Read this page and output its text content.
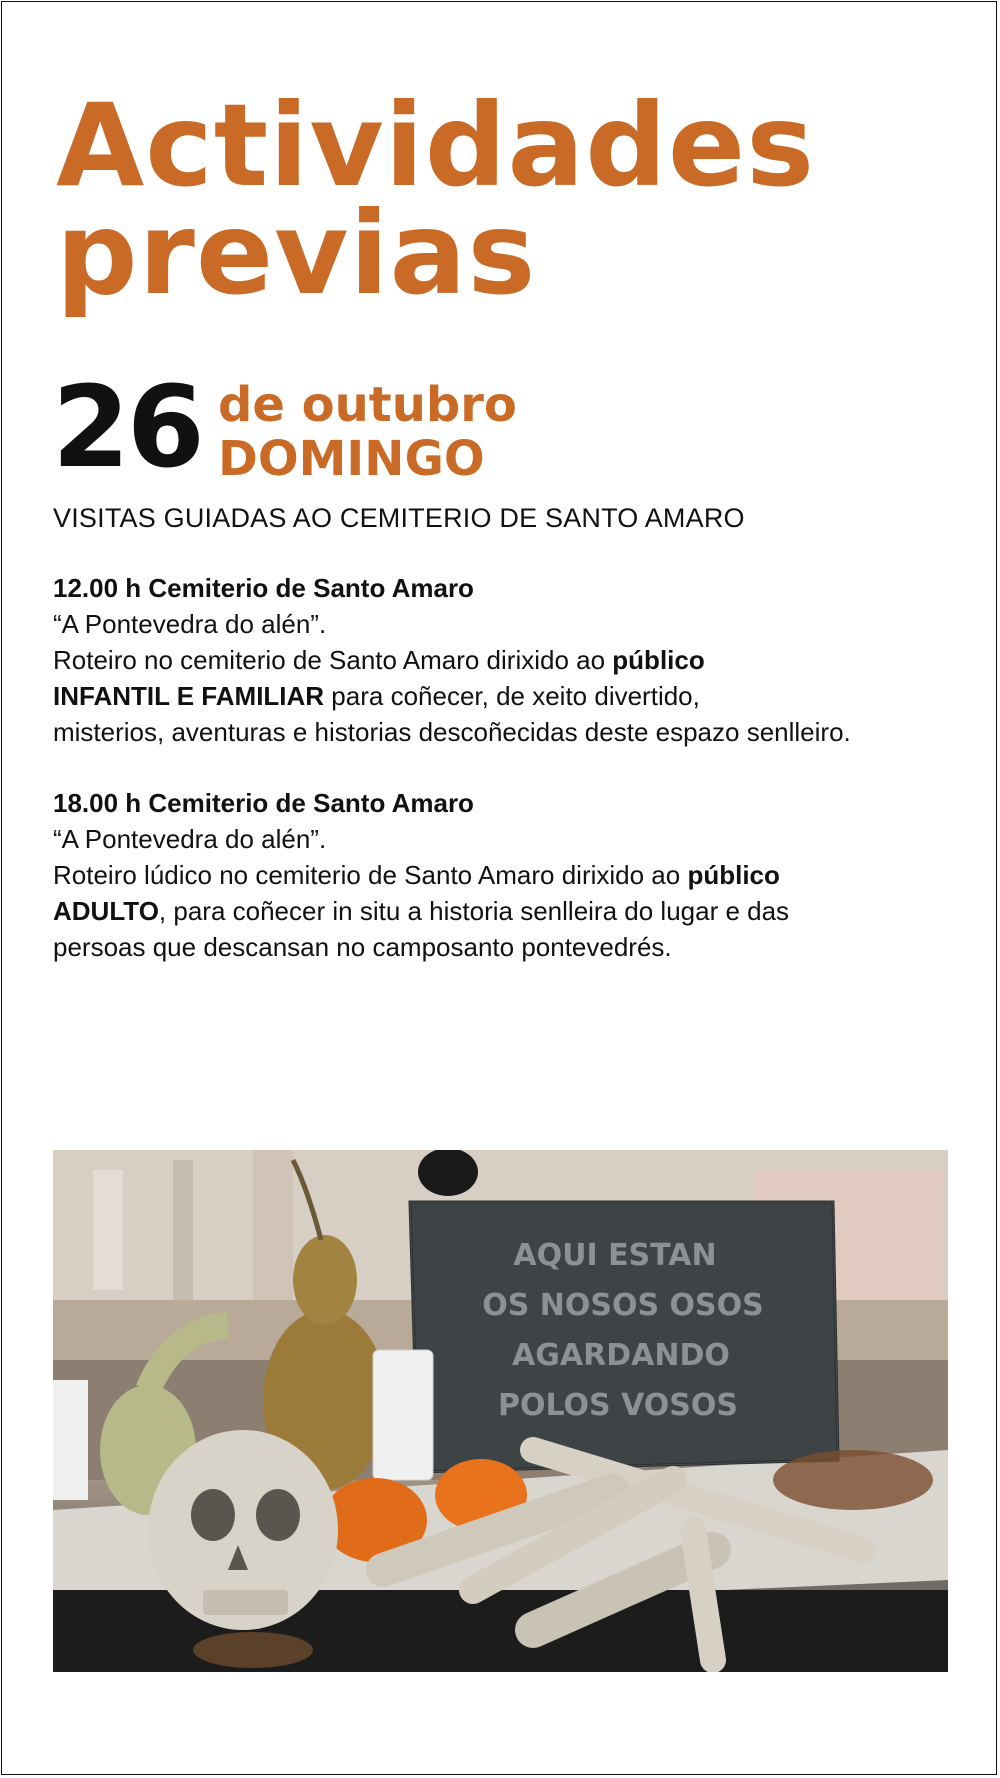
Actividades
previas
26 de outubro
DOMINGO
VISITAS GUIADAS AO CEMITERIO DE SANTO AMARO

12.00 h Cemiterio de Santo Amaro

“A Pontevedra do alén”.

Roteiro no cemiterio de Santo Amaro dirixido ao público

INFANTIL E FAMILIAR para coñecer, de xeito divertido,

misterios, aventuras e historias descoñecidas deste espazo senlleiro.

18.00 h Cemiterio de Santo Amaro

“A Pontevedra do alén”.

Roteiro lúdico no cemiterio de Santo Amaro dirixido ao público

ADULTO, para coñecer in situ a historia senlleira do lugar e das

persoas que descansan no camposanto pontevedrés.

AQUI ESTAN
OS NOSOS OSOS
AGARDANDO
POLOS VOSOS
